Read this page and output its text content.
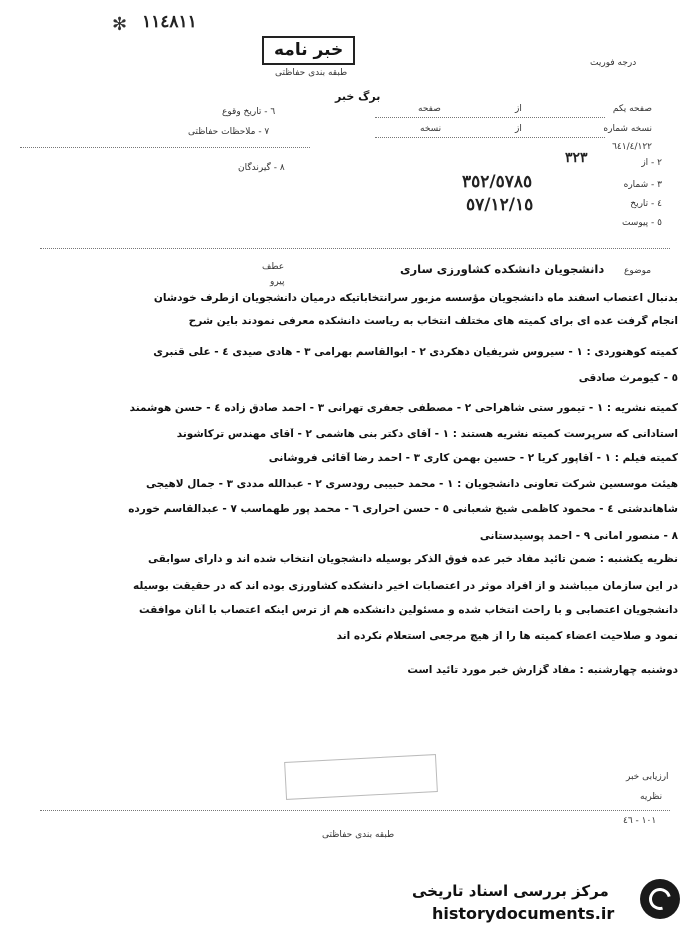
١١٤٨١١
✻
خبر نامه
طبقه بندی حفاظتی
درجه فوریت
برگ خبر
صفحه یکم
از
صفحه
نسخه شماره
از
نسخه
٦٤١/٤/١٢٢
٢ - از
٣ - شماره
٤ - تاریخ
٥ - پیوست
٣٢٣
٣٥٢/٥٧٨٥
٥٧/١٢/١٥
٦ - تاریخ وقوع
٧ - ملاحظات حفاظتی
٨ - گیرندگان
عطف
پیرو
دانشجویان دانشکده کشاورزی ساری موضوع
بدنبال اعتصاب اسفند ماه دانشجویان مؤسسه مزبور سرانتخاباتیکه درمیان دانشجویان ازطرف خودشان
انجام گرفت عده ای برای کمیته های مختلف انتخاب به ریاست دانشکده معرفی نمودند باین شرح
کمیته کوهنوردی : ١ - سیروس شریفیان دهکردی ٢ - ابوالقاسم بهرامی ٣ - هادی صیدی ٤ - علی قنبری
٥ - کیومرث صادقی
کمیته نشریه : ١ - تیمور ستی شاهراحی ٢ - مصطفی جعفری تهرانی ٣ - احمد صادق زاده ٤ - حسن هوشمند
استادانی که سرپرست کمیته نشریه هستند : ١ - آقای دکتر بنی هاشمی ٢ - آقای مهندس ترکاشوند
کمیته فیلم : ١ - آقاپور کریا ٢ - حسین بهمن کاری ٣ - احمد رضا آقائی فروشانی
هیئت موسسین شرکت تعاونی دانشجویان : ١ - محمد حبیبی رودسری ٢ - عبدالله مددی ٣ - جمال لاهیجی
شاهاندشتی ٤ - محمود کاظمی شیخ شعبانی ٥ - حسن احراری ٦ - محمد پور طهماسب ٧ - عبدالقاسم خورده
٨ - منصور امانی ٩ - احمد پوسیدستانی
نظریه یکشنبه : ضمن تائید مفاد خبر عده فوق الذکر بوسیله دانشجویان انتخاب شده اند و دارای سوابقی
در این سازمان میباشند و از افراد موثر در اعتصابات اخیر دانشکده کشاورزی بوده اند که در حقیقت بوسیله
دانشجویان اعتصابی و با راحت انتخاب شده و مسئولین دانشکده هم از ترس اینکه اعتصاب با آنان موافقت
نمود و صلاحیت اعضاء کمیته ها را از هیچ مرجعی استعلام نکرده اند
دوشنبه چهارشنبه : مفاد گزارش خبر مورد تائید است
ارزیابی خبر
نظریه
١٠١ - ٤٦
طبقه بندی حفاظتی
مرکز بررسی اسناد تاریخی
historydocuments.ir
